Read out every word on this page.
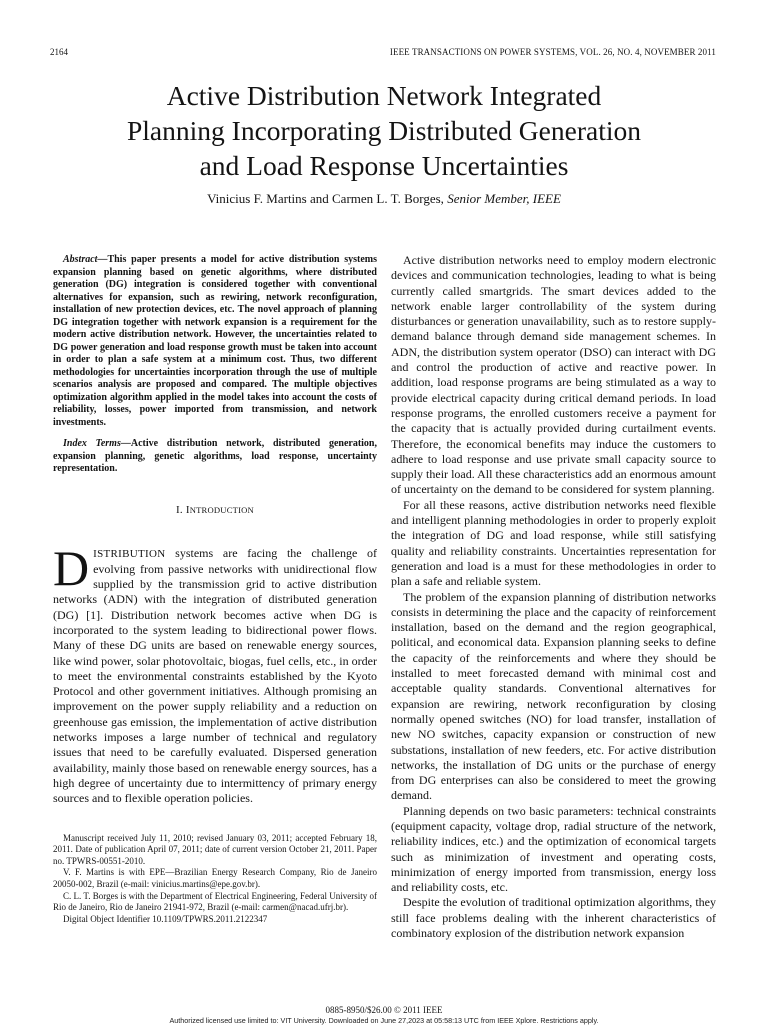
2164	IEEE TRANSACTIONS ON POWER SYSTEMS, VOL. 26, NO. 4, NOVEMBER 2011
Active Distribution Network Integrated
Planning Incorporating Distributed Generation
and Load Response Uncertainties
Vinicius F. Martins and Carmen L. T. Borges, Senior Member, IEEE

Abstract—This paper presents a model for active distribution systems expansion planning based on genetic algorithms, where distributed generation (DG) integration is considered together with conventional alternatives for expansion, such as rewiring, network reconfiguration, installation of new protection devices, etc. The novel approach of planning DG integration together with network expansion is a requirement for the modern active distribution network. However, the uncertainties related to DG power generation and load response growth must be taken into account in order to plan a safe system at a minimum cost. Thus, two different methodologies for uncertainties incorporation through the use of multiple scenarios analysis are proposed and compared. The multiple objectives optimization algorithm applied in the model takes into account the costs of reliability, losses, power imported from transmission, and network investments.

Index Terms—Active distribution network, distributed generation, expansion planning, genetic algorithms, load response, uncertainty representation.

I. INTRODUCTION

DISTRIBUTION systems are facing the challenge of evolving from passive networks with unidirectional flow supplied by the transmission grid to active distribution networks (ADN) with the integration of distributed generation (DG) [1]. Distribution network becomes active when DG is incorporated to the system leading to bidirectional power flows. Many of these DG units are based on renewable energy sources, like wind power, solar photovoltaic, biogas, fuel cells, etc., in order to meet the environmental constraints established by the Kyoto Protocol and other government initiatives. Although promising an improvement on the power supply reliability and a reduction on greenhouse gas emission, the implementation of active distribution networks imposes a large number of technical and regulatory issues that need to be carefully evaluated. Dispersed generation availability, mainly those based on renewable energy sources, has a high degree of uncertainty due to intermittency of primary energy sources and to flexible operation policies.

Manuscript received July 11, 2010; revised January 03, 2011; accepted February 18, 2011. Date of publication April 07, 2011; date of current version October 21, 2011. Paper no. TPWRS-00551-2010.

V. F. Martins is with EPE—Brazilian Energy Research Company, Rio de Janeiro 20050-002, Brazil (e-mail: vinicius.martins@epe.gov.br).

C. L. T. Borges is with the Department of Electrical Engineering, Federal University of Rio de Janeiro, Rio de Janeiro 21941-972, Brazil (e-mail: carmen@nacad.ufrj.br).

Digital Object Identifier 10.1109/TPWRS.2011.2122347

Active distribution networks need to employ modern electronic devices and communication technologies, leading to what is being currently called smartgrids. The smart devices added to the network enable larger controllability of the system during disturbances or generation unavailability, such as to restore supply-demand balance through demand side management schemes. In ADN, the distribution system operator (DSO) can interact with DG and control the production of active and reactive power. In addition, load response programs are being stimulated as a way to provide electrical capacity during critical demand periods. In load response programs, the enrolled customers receive a payment for the capacity that is actually provided during curtailment events. Therefore, the economical benefits may induce the customers to adhere to load response and use private small capacity source to supply their load. All these characteristics add an enormous amount of uncertainty on the demand to be considered for system planning.

For all these reasons, active distribution networks need flexible and intelligent planning methodologies in order to properly exploit the integration of DG and load response, while still satisfying quality and reliability constraints. Uncertainties representation for generation and load is a must for these methodologies in order to plan a safe and reliable system.

The problem of the expansion planning of distribution networks consists in determining the place and the capacity of reinforcement installation, based on the demand and the region geographical, political, and economical data. Expansion planning seeks to define the capacity of the reinforcements and where they should be installed to meet forecasted demand with minimal cost and acceptable quality standards. Conventional alternatives for expansion are rewiring, network reconfiguration by closing normally opened switches (NO) for load transfer, installation of new NO switches, capacity expansion or construction of new substations, installation of new feeders, etc. For active distribution networks, the installation of DG units or the purchase of energy from DG enterprises can also be considered to meet the growing demand.

Planning depends on two basic parameters: technical constraints (equipment capacity, voltage drop, radial structure of the network, reliability indices, etc.) and the optimization of economical targets such as minimization of investment and operating costs, minimization of energy imported from transmission, energy loss and reliability costs, etc.

Despite the evolution of traditional optimization algorithms, they still face problems dealing with the inherent characteristics of combinatory explosion of the distribution network expansion

0885-8950/$26.00 © 2011 IEEE
Authorized licensed use limited to: VIT University. Downloaded on June 27,2023 at 05:58:13 UTC from IEEE Xplore. Restrictions apply.
